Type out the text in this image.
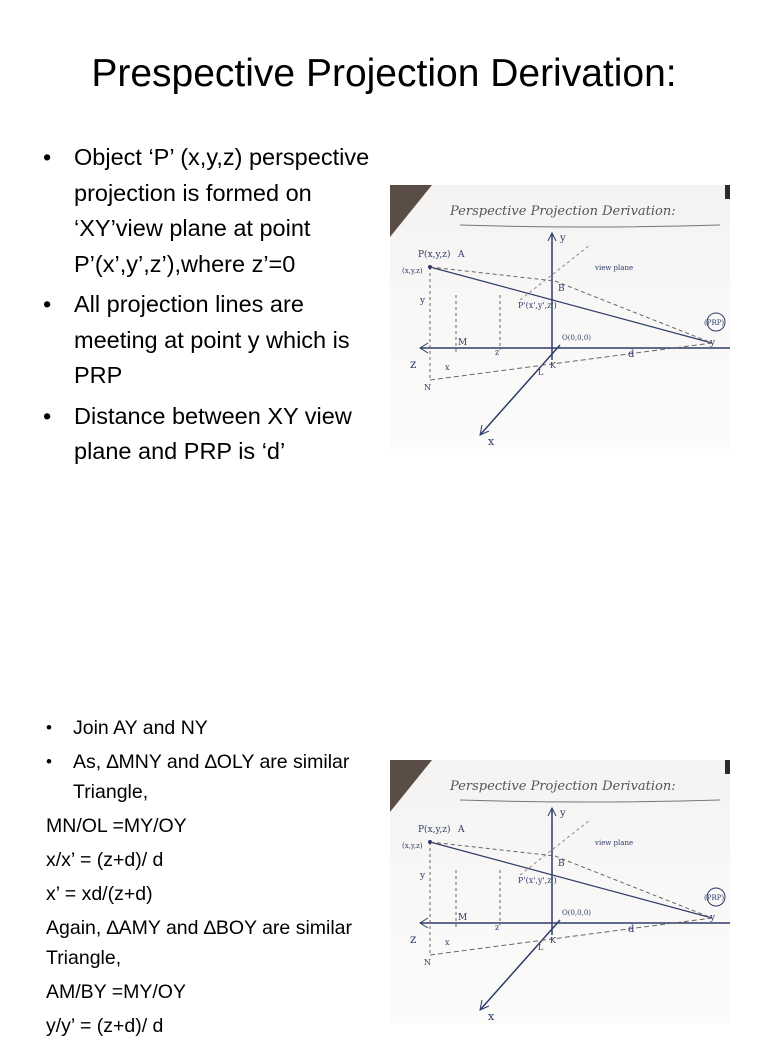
Prespective Projection Derivation:
• Object ‘P’ (x,y,z) perspective projection is formed on ‘XY’view plane at point P’(x’,y’,z’),where z’=0
• All projection lines are meeting at point y which is PRP
• Distance between XY view plane and PRP is ‘d’
• Join AY and NY
• As, ∆MNY and ∆OLY are similar Triangle,
MN/OL =MY/OY
x/x’ = (z+d)/ d
x’ = xd/(z+d)
Again, ∆AMY and ∆BOY are similar Triangle,
AM/BY =MY/OY
y/y’ = (z+d)/ d
Perspective Projection Derivation:
y
x
P(x,y,z) A
(x,y,z)
y
view plane
B
P'(x',y',z')
(PRP)
y
M	O(0,0,0)
z
z	d
x
N
L
K
Perspective Projection Derivation:
y
x
P(x,y,z) A
(x,y,z)
y
view plane
B
P'(x',y',z')
(PRP)
y
M	O(0,0,0)
z
z	d
x
N
L
K
